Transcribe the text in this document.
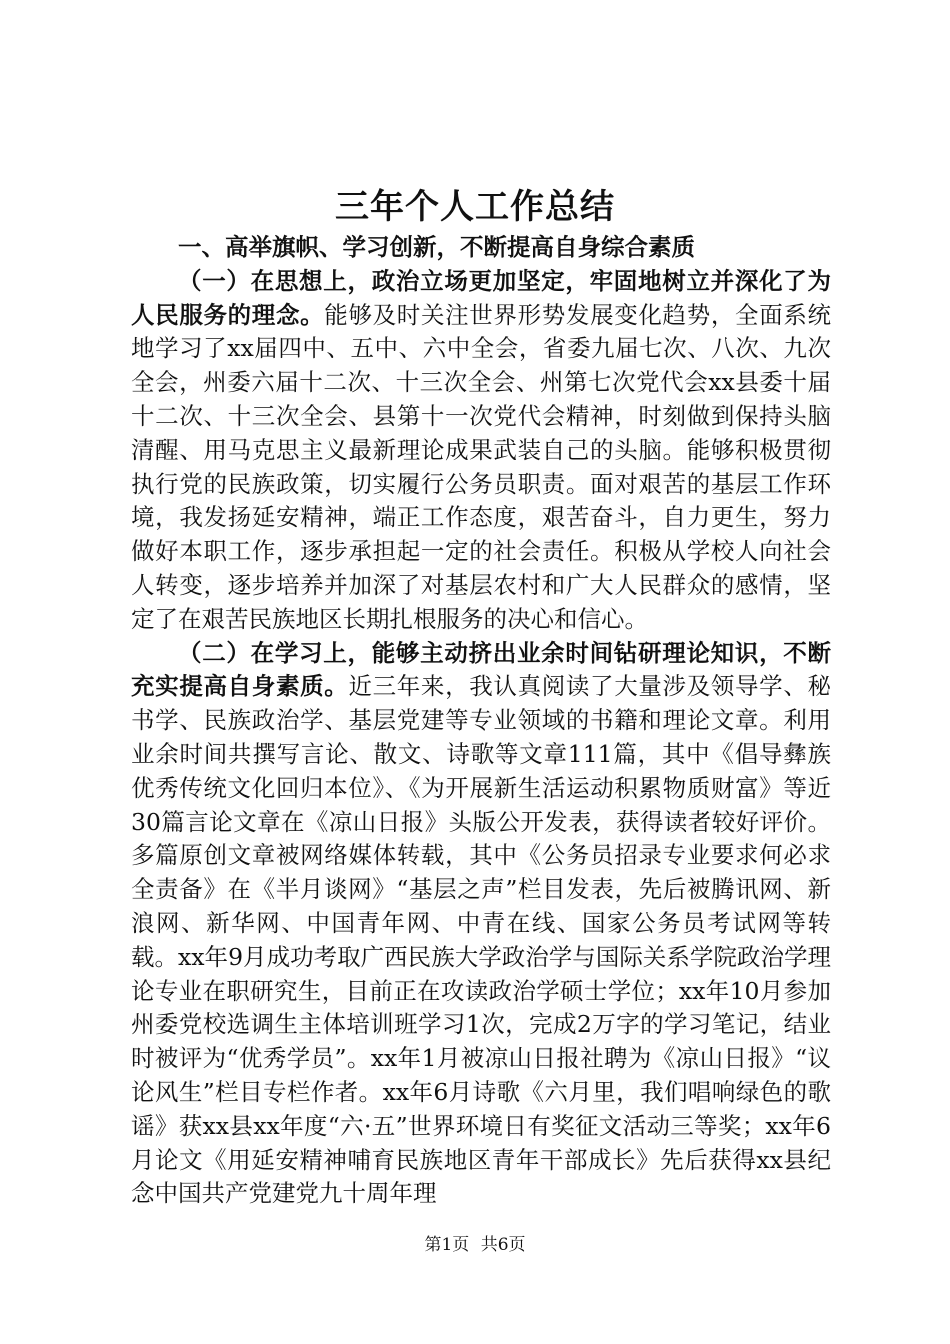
三年个人工作总结

一、高举旗帜、学习创新，不断提高自身综合素质

（一）在思想上，政治立场更加坚定，牢固地树立并深化了为人民服务的理念。能够及时关注世界形势发展变化趋势，全面系统地学习了xx届四中、五中、六中全会，省委九届七次、八次、九次全会，州委六届十二次、十三次全会、州第七次党代会xx县委十届十二次、十三次全会、县第十一次党代会精神，时刻做到保持头脑清醒、用马克思主义最新理论成果武装自己的头脑。能够积极贯彻执行党的民族政策，切实履行公务员职责。面对艰苦的基层工作环境，我发扬延安精神，端正工作态度，艰苦奋斗，自力更生，努力做好本职工作，逐步承担起一定的社会责任。积极从学校人向社会人转变，逐步培养并加深了对基层农村和广大人民群众的感情，坚定了在艰苦民族地区长期扎根服务的决心和信心。

（二）在学习上，能够主动挤出业余时间钻研理论知识，不断充实提高自身素质。近三年来，我认真阅读了大量涉及领导学、秘书学、民族政治学、基层党建等专业领域的书籍和理论文章。利用业余时间共撰写言论、散文、诗歌等文章111篇，其中《倡导彝族优秀传统文化回归本位》、《为开展新生活运动积累物质财富》等近30篇言论文章在《凉山日报》头版公开发表，获得读者较好评价。多篇原创文章被网络媒体转载，其中《公务员招录专业要求何必求全责备》在《半月谈网》“基层之声”栏目发表，先后被腾讯网、新浪网、新华网、中国青年网、中青在线、国家公务员考试网等转载。xx年9月成功考取广西民族大学政治学与国际关系学院政治学理论专业在职研究生，目前正在攻读政治学硕士学位；xx年10月参加州委党校选调生主体培训班学习1次，完成2万字的学习笔记，结业时被评为“优秀学员”。xx年1月被凉山日报社聘为《凉山日报》“议论风生”栏目专栏作者。xx年6月诗歌《六月里，我们唱响绿色的歌谣》获xx县xx年度“六·五”世界环境日有奖征文活动三等奖；xx年6月论文《用延安精神哺育民族地区青年干部成长》先后获得xx县纪念中国共产党建党九十周年理

第1页 共6页
